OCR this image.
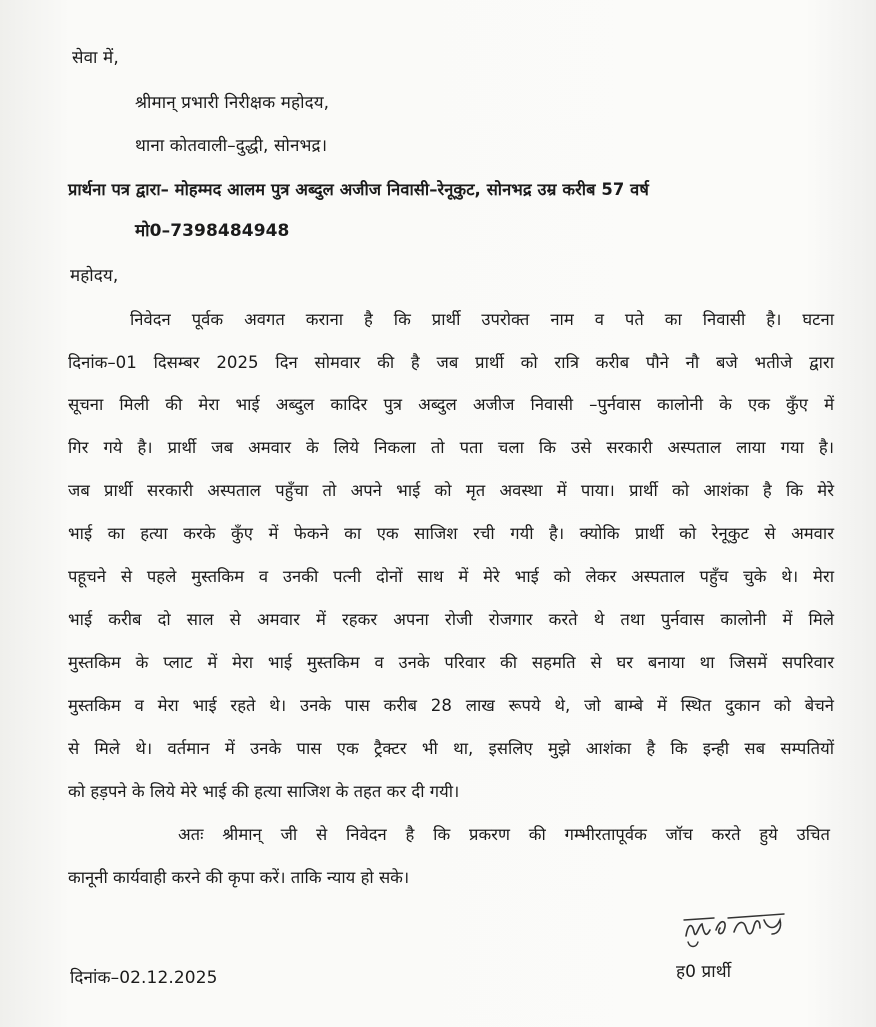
सेवा में,
श्रीमान् प्रभारी निरीक्षक महोदय,
थाना कोतवाली–दुद्धी, सोनभद्र।
प्रार्थना पत्र द्वारा– मोहम्मद आलम पुत्र अब्दुल अजीज निवासी–रेनूकुट, सोनभद्र उम्र करीब 57 वर्ष
मो0–7398484948
महोदय,
निवेदन पूर्वक अवगत कराना है कि प्रार्थी उपरोक्त नाम व पते का निवासी है। घटना
दिनांक–01 दिसम्बर 2025 दिन सोमवार की है जब प्रार्थी को रात्रि करीब पौने नौ बजे भतीजे द्वारा
सूचना मिली की मेरा भाई अब्दुल कादिर पुत्र अब्दुल अजीज निवासी –पुर्नवास कालोनी के एक कुँए में
गिर गये है। प्रार्थी जब अमवार के लिये निकला तो पता चला कि उसे सरकारी अस्पताल लाया गया है।
जब प्रार्थी सरकारी अस्पताल पहुँचा तो अपने भाई को मृत अवस्था में पाया। प्रार्थी को आशंका है कि मेरे
भाई का हत्या करके कुँए में फेकने का एक साजिश रची गयी है। क्योकि प्रार्थी को रेनूकुट से अमवार
पहूचने से पहले मुस्तकिम व उनकी पत्नी दोनों साथ में मेरे भाई को लेकर अस्पताल पहुँच चुके थे। मेरा
भाई करीब दो साल से अमवार में रहकर अपना रोजी रोजगार करते थे तथा पुर्नवास कालोनी में मिले
मुस्तकिम के प्लाट में मेरा भाई मुस्तकिम व उनके परिवार की सहमति से घर बनाया था जिसमें सपरिवार
मुस्तकिम व मेरा भाई रहते थे। उनके पास करीब 28 लाख रूपये थे, जो बाम्बे में स्थित दुकान को बेचने
से मिले थे। वर्तमान में उनके पास एक ट्रैक्टर भी था, इसलिए मुझे आशंका है कि इन्ही सब सम्पतियों
को हड़पने के लिये मेरे भाई की हत्या साजिश के तहत कर दी गयी।
अतः श्रीमान् जी से निवेदन है कि प्रकरण की गम्भीरतापूर्वक जॉच करते हुये उचित
कानूनी कार्यवाही करने की कृपा करें। ताकि न्याय हो सके।
दिनांक–02.12.2025	ह0 प्रार्थी
